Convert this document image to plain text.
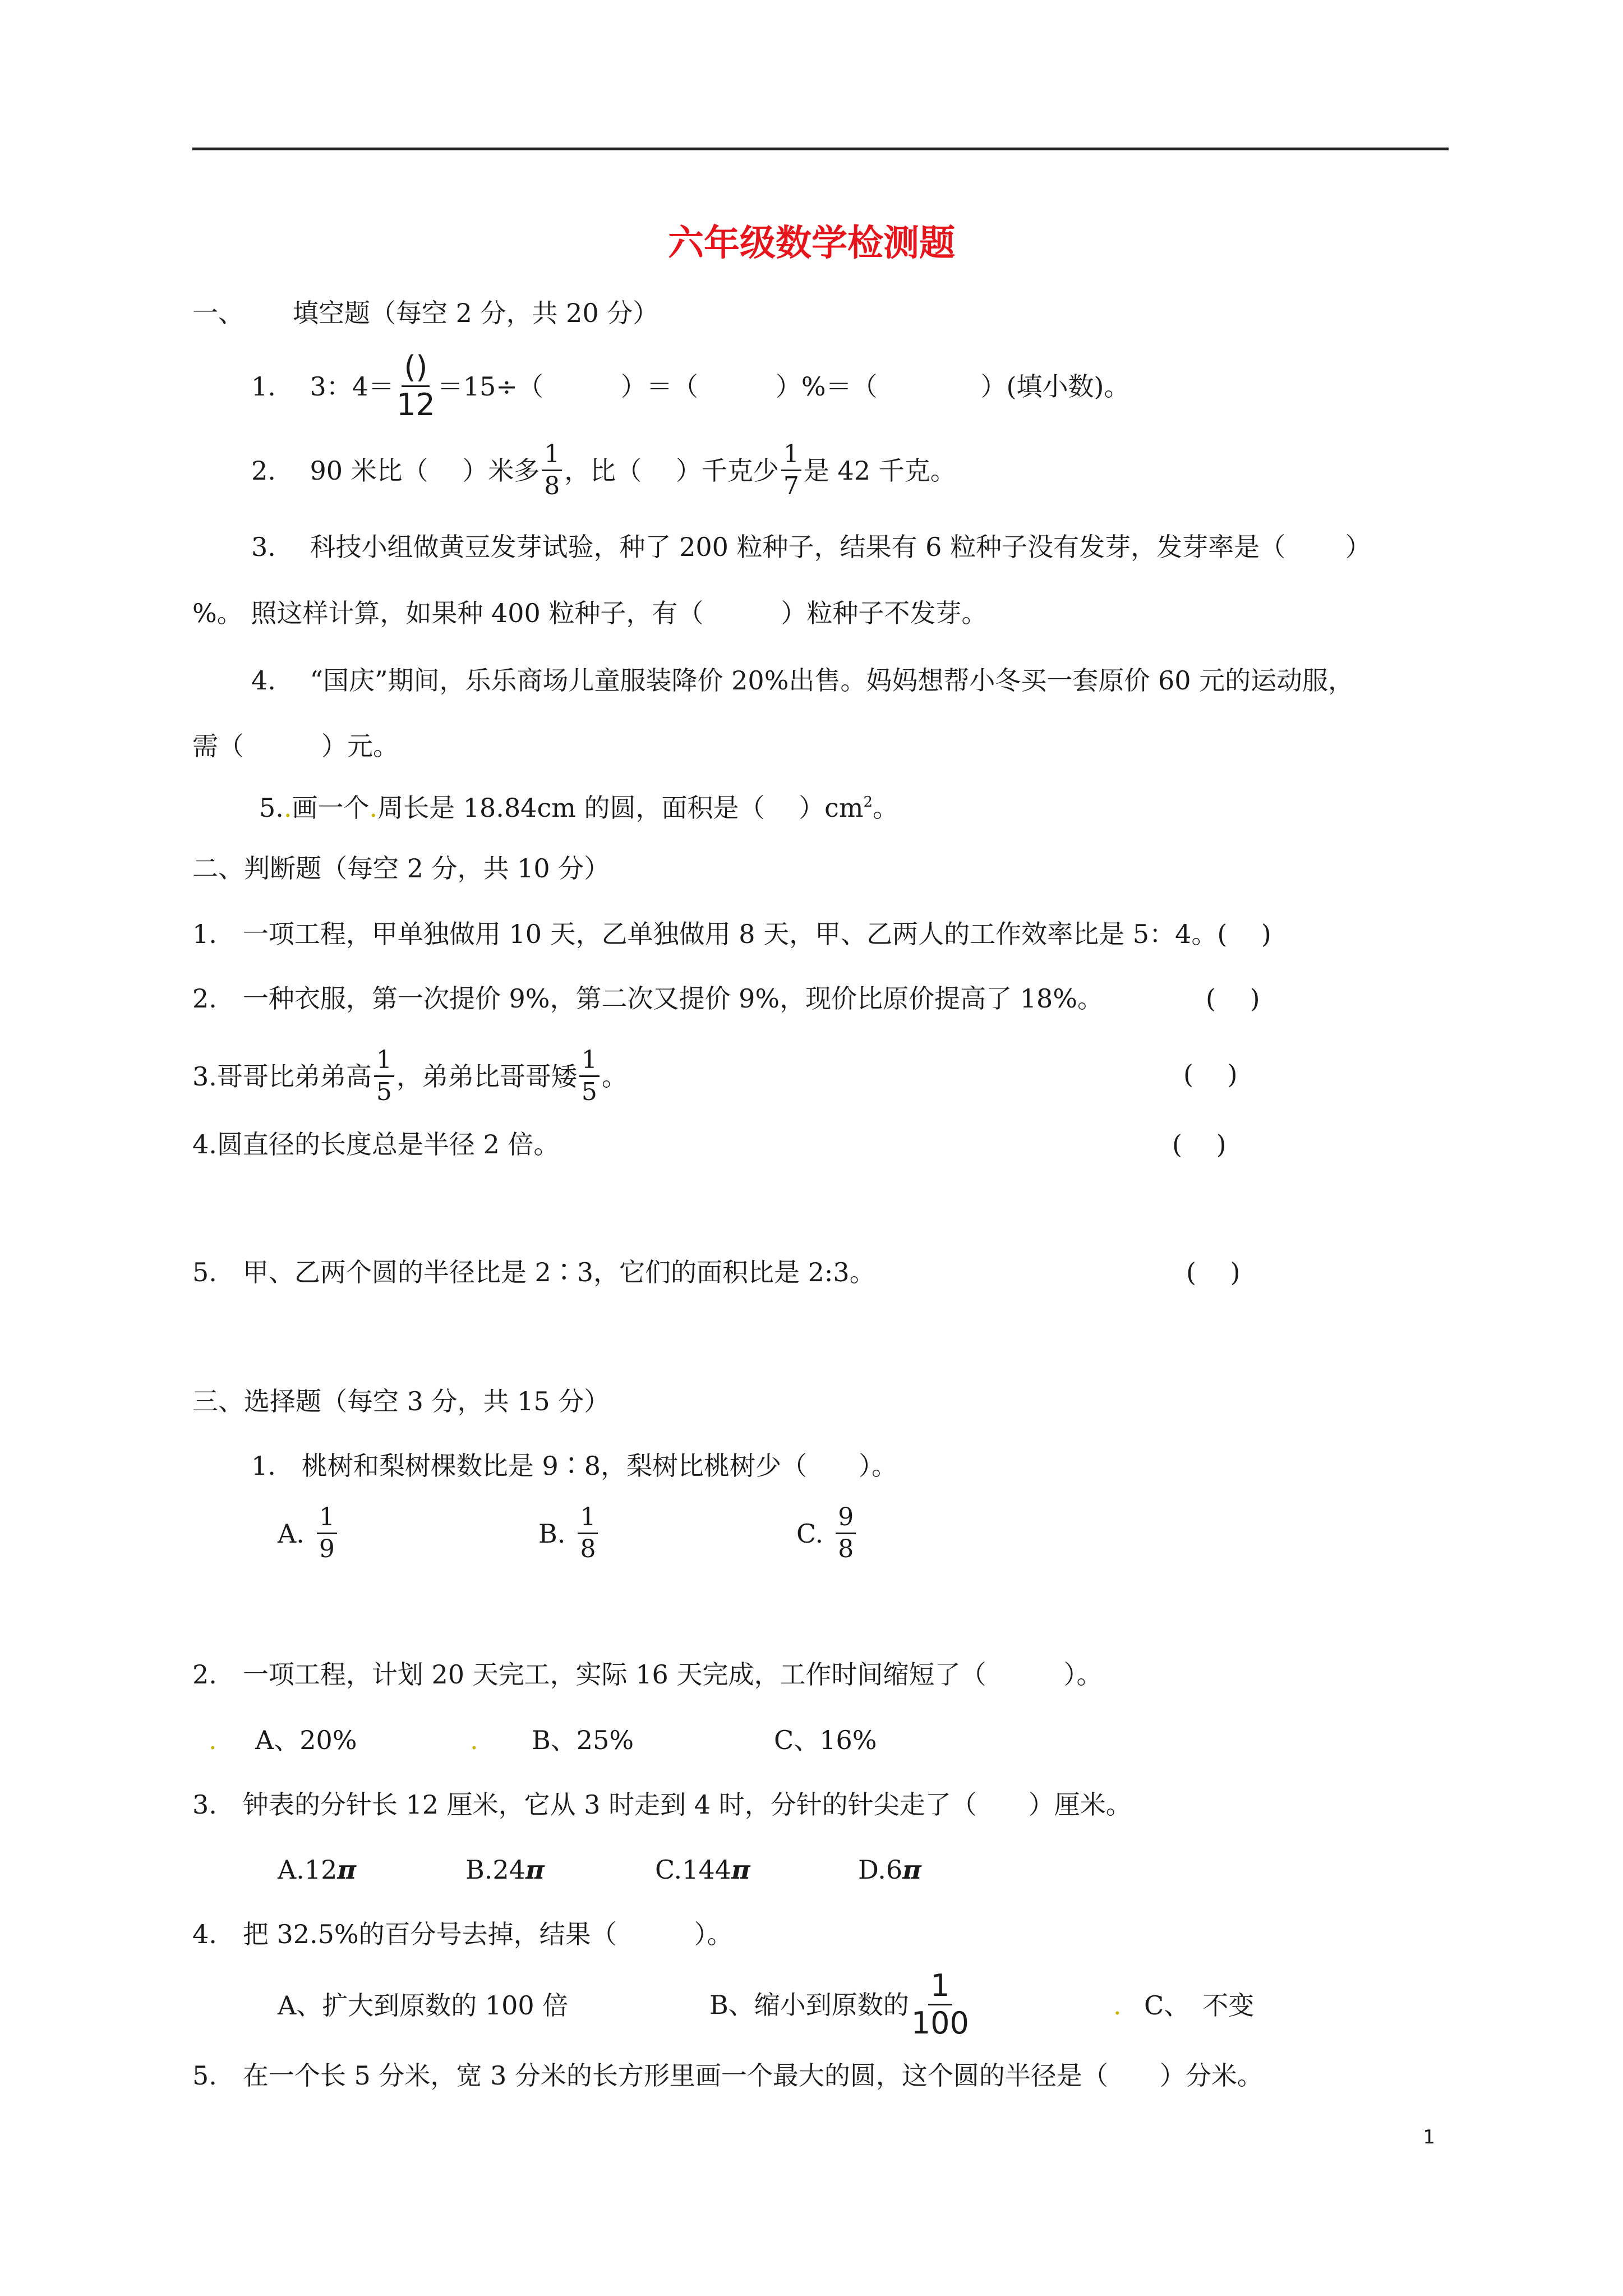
六年级数学检测题
一、 填空题（每空 2 分，共 20 分）
1.　 3：$4= \frac{()}{12} =15\div$（　　　）＝（　　　）%＝（　　　　）(填小数)。
2.　 90 米比（　 ）米多 $\frac{1}{8}$ ，比（　 ）千克少 $\frac{1}{7}$ 是 42 千克。
3.　 科技小组做黄豆发芽试验，种了 200 粒种子，结果有 6 粒种子没有发芽，发芽率是（　　 ）
%。 照这样计算，如果种 400 粒种子，有（　　　）粒种子不发芽。
4.　 “国庆”期间，乐乐商场儿童服装降价 20%出售。妈妈想帮小冬买一套原价 60 元的运动服，
需（　　　）元。
5..画一个.周长是 18.84cm 的圆，面积是（　 ）$cm^2$。
二、判断题（每空 2 分，共 10 分）
1.　一项工程，甲单独做用 10 天，乙单独做用 8 天，甲、乙两人的工作效率比是 5：4。(　 )
2.　一种衣服，第一次提价 9%，第二次又提价 9%，现价比原价提高了 18%。	(　 )
3.哥哥比弟弟高 $\frac{1}{5}$ ，弟弟比哥哥矮 $\frac{1}{5}$ 。	(　 )
4.圆直径的长度总是半径 2 倍。	(　 )
5.　甲、乙两个圆的半径比是 2∶3，它们的面积比是 2:3。	(　 )
三、选择题（每空 3 分，共 15 分）
1.　桃树和梨树棵数比是 9∶8，梨树比桃树少（　　）。
A. $\frac{1}{9}$	B. $\frac{1}{8}$	C. $\frac{9}{8}$
2.　一项工程，计划 20 天完工，实际 16 天完成，工作时间缩短了（　　　）。
. A、20%	. B、25%	C、16%
3.　钟表的分针长 12 厘米，它从 3 时走到 4 时，分针的针尖走了（　　）厘米。
A.12π	B.24π	C.144π	D.6π
4.　把 32.5%的百分号去掉，结果（　　　）。
A、扩大到原数的 100 倍	B、缩小到原数的 $\frac{1}{100}$	. C、　不变
5.　在一个长 5 分米，宽 3 分米的长方形里画一个最大的圆，这个圆的半径是（　　）分米。
1
